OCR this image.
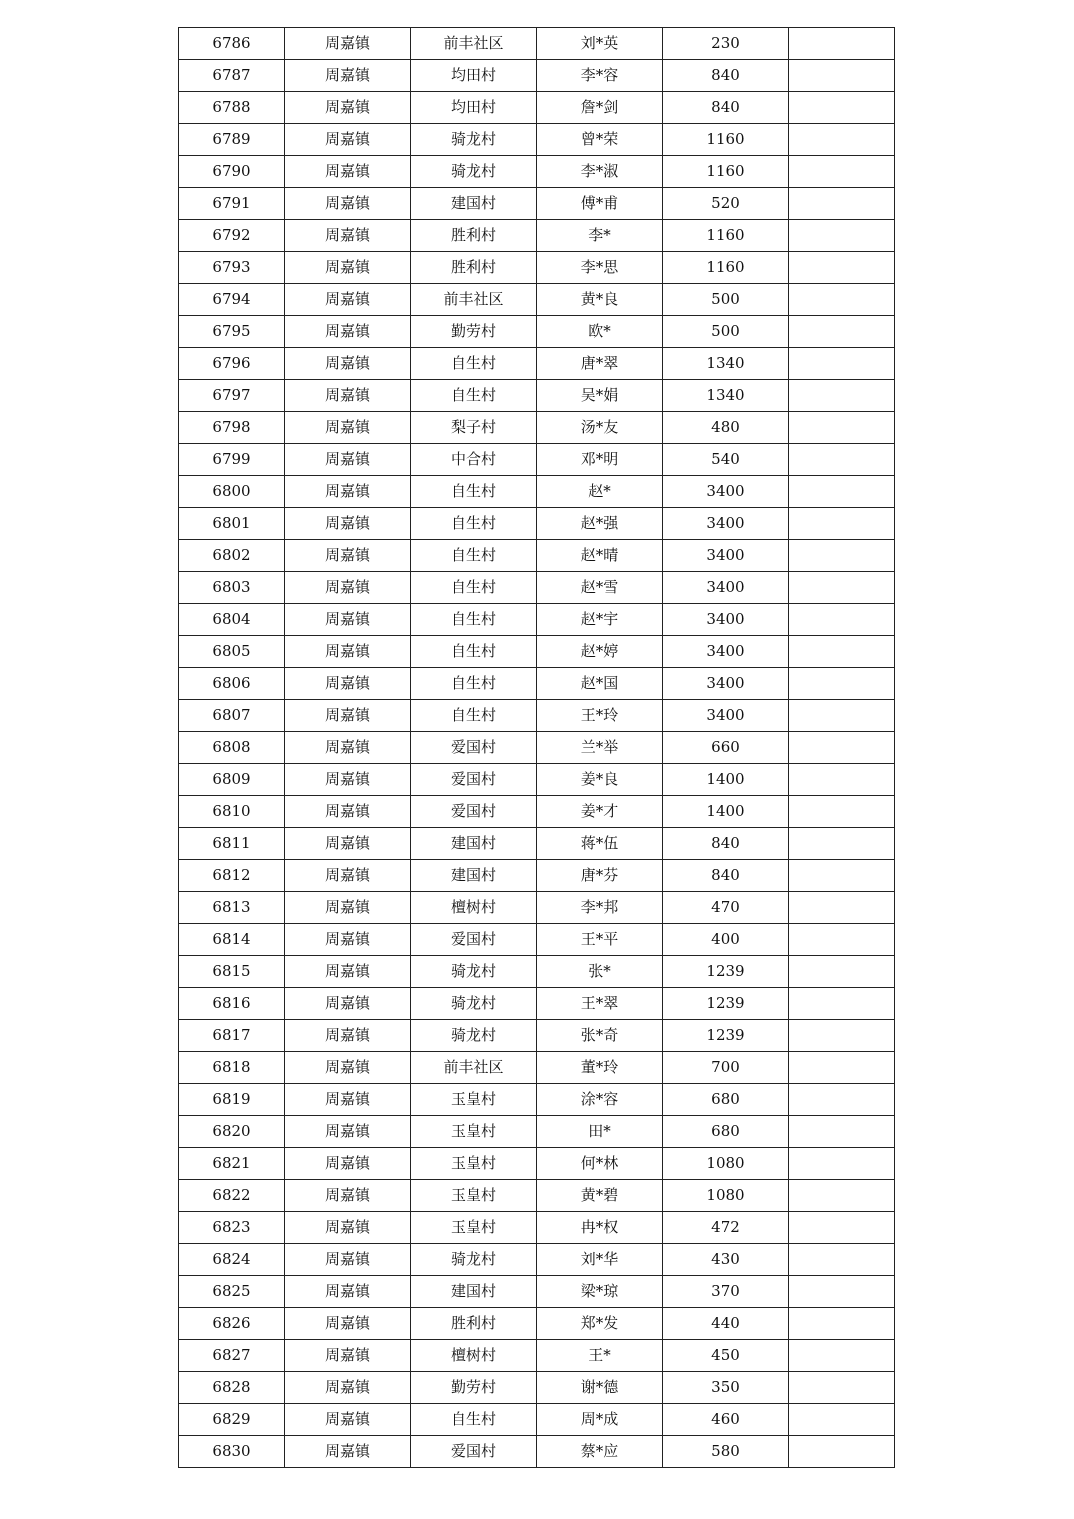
6786	周嘉镇	前丰社区	刘*英	230	
6787	周嘉镇	均田村	李*容	840	
6788	周嘉镇	均田村	詹*剑	840	
6789	周嘉镇	骑龙村	曾*荣	1160	
6790	周嘉镇	骑龙村	李*淑	1160	
6791	周嘉镇	建国村	傅*甫	520	
6792	周嘉镇	胜利村	李*	1160	
6793	周嘉镇	胜利村	李*思	1160	
6794	周嘉镇	前丰社区	黄*良	500	
6795	周嘉镇	勤劳村	欧*	500	
6796	周嘉镇	自生村	唐*翠	1340	
6797	周嘉镇	自生村	吴*娟	1340	
6798	周嘉镇	梨子村	汤*友	480	
6799	周嘉镇	中合村	邓*明	540	
6800	周嘉镇	自生村	赵*	3400	
6801	周嘉镇	自生村	赵*强	3400	
6802	周嘉镇	自生村	赵*晴	3400	
6803	周嘉镇	自生村	赵*雪	3400	
6804	周嘉镇	自生村	赵*宇	3400	
6805	周嘉镇	自生村	赵*婷	3400	
6806	周嘉镇	自生村	赵*国	3400	
6807	周嘉镇	自生村	王*玲	3400	
6808	周嘉镇	爱国村	兰*举	660	
6809	周嘉镇	爱国村	姜*良	1400	
6810	周嘉镇	爱国村	姜*才	1400	
6811	周嘉镇	建国村	蒋*伍	840	
6812	周嘉镇	建国村	唐*芬	840	
6813	周嘉镇	檀树村	李*邦	470	
6814	周嘉镇	爱国村	王*平	400	
6815	周嘉镇	骑龙村	张*	1239	
6816	周嘉镇	骑龙村	王*翠	1239	
6817	周嘉镇	骑龙村	张*奇	1239	
6818	周嘉镇	前丰社区	董*玲	700	
6819	周嘉镇	玉皇村	涂*容	680	
6820	周嘉镇	玉皇村	田*	680	
6821	周嘉镇	玉皇村	何*林	1080	
6822	周嘉镇	玉皇村	黄*碧	1080	
6823	周嘉镇	玉皇村	冉*权	472	
6824	周嘉镇	骑龙村	刘*华	430	
6825	周嘉镇	建国村	梁*琼	370	
6826	周嘉镇	胜利村	郑*发	440	
6827	周嘉镇	檀树村	王*	450	
6828	周嘉镇	勤劳村	谢*德	350	
6829	周嘉镇	自生村	周*成	460	
6830	周嘉镇	爱国村	蔡*应	580	
